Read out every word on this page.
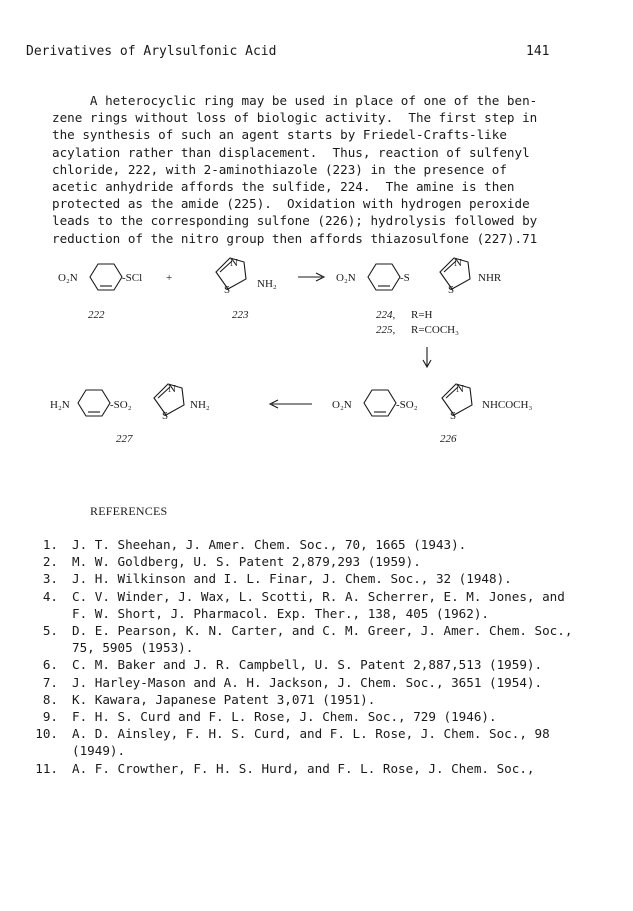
Derivatives of Arylsulfonic Acid	141
A heterocyclic ring may be used in place of one of the ben-
zene rings without loss of biologic activity.  The first step in
the synthesis of such an agent starts by Friedel-Crafts-like
acylation rather than displacement.  Thus, reaction of sulfenyl
chloride, 222, with 2-aminothiazole (223) in the presence of
acetic anhydride affords the sulfide, 224.  The amine is then
protected as the amide (225).  Oxidation with hydrogen peroxide
leads to the corresponding sulfone (226); hydrolysis followed by
reduction of the nitro group then affords thiazosulfone (227).71
O₂N	-SCl +
N
S NH₂	O₂N	-S
N
S
NHR
222	223	224, R=H
225, R=COCH₃
H₂N	-SO₂
N
S
NH₂	O₂N	-SO₂
N
S
NHCOCH₃
227	226
REFERENCES
1. J. T. Sheehan, J. Amer. Chem. Soc., 70, 1665 (1943).
2. M. W. Goldberg, U. S. Patent 2,879,293 (1959).
3. J. H. Wilkinson and I. L. Finar, J. Chem. Soc., 32 (1948).
4. C. V. Winder, J. Wax, L. Scotti, R. A. Scherrer, E. M. Jones, and F. W. Short, J. Pharmacol. Exp. Ther., 138, 405 (1962).
5. D. E. Pearson, K. N. Carter, and C. M. Greer, J. Amer. Chem. Soc., 75, 5905 (1953).
6. C. M. Baker and J. R. Campbell, U. S. Patent 2,887,513 (1959).
7. J. Harley-Mason and A. H. Jackson, J. Chem. Soc., 3651 (1954).
8. K. Kawara, Japanese Patent 3,071 (1951).
9. F. H. S. Curd and F. L. Rose, J. Chem. Soc., 729 (1946).
10. A. D. Ainsley, F. H. S. Curd, and F. L. Rose, J. Chem. Soc., 98 (1949).
11. A. F. Crowther, F. H. S. Hurd, and F. L. Rose, J. Chem. Soc.,
